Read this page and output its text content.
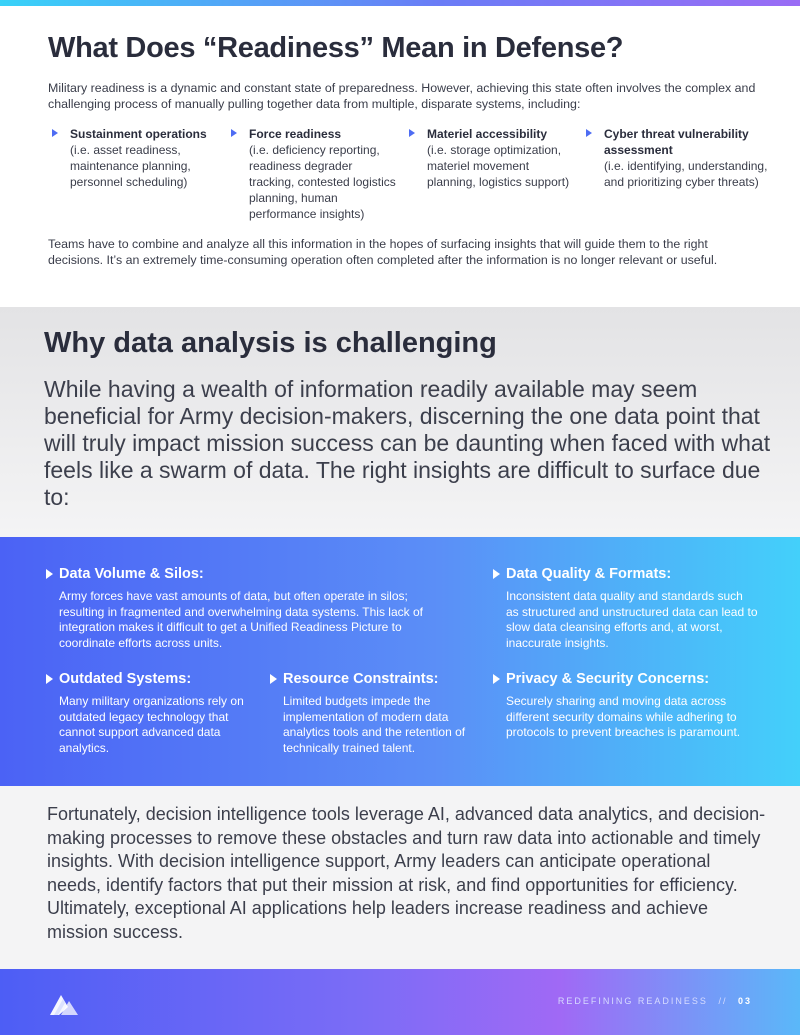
What Does “Readiness” Mean in Defense?

Military readiness is a dynamic and constant state of preparedness. However, achieving this state often involves the complex and challenging process of manually pulling together data from multiple, disparate systems, including:

Sustainment operations
(i.e. asset readiness, maintenance planning, personnel scheduling)
Force readiness
(i.e. deficiency reporting, readiness degrader tracking, contested logistics planning, human performance insights)
Materiel accessibility
(i.e. storage optimization, materiel movement planning, logistics support)
Cyber threat vulnerability assessment
(i.e. identifying, understanding, and prioritizing cyber threats)

Teams have to combine and analyze all this information in the hopes of surfacing insights that will guide them to the right decisions. It’s an extremely time-consuming operation often completed after the information is no longer relevant or useful.

Why data analysis is challenging

While having a wealth of information readily available may seem beneficial for Army decision-makers, discerning the one data point that will truly impact mission success can be daunting when faced with what feels like a swarm of data. The right insights are difficult to surface due to:

Data Volume & Silos:
Army forces have vast amounts of data, but often operate in silos; resulting in fragmented and overwhelming data systems. This lack of integration makes it difficult to get a Unified Readiness Picture to coordinate efforts across units.
Data Quality & Formats:
Inconsistent data quality and standards such as structured and unstructured data can lead to slow data cleansing efforts and, at worst, inaccurate insights.
Outdated Systems:
Many military organizations rely on outdated legacy technology that cannot support advanced data analytics.
Resource Constraints:
Limited budgets impede the implementation of modern data analytics tools and the retention of technically trained talent.
Privacy & Security Concerns:
Securely sharing and moving data across different security domains while adhering to protocols to prevent breaches is paramount.

Fortunately, decision intelligence tools leverage AI, advanced data analytics, and decision-making processes to remove these obstacles and turn raw data into actionable and timely insights. With decision intelligence support, Army leaders can anticipate operational needs, identify factors that put their mission at risk, and find opportunities for efficiency. Ultimately, exceptional AI applications help leaders increase readiness and achieve mission success.

REDEFINING READINESS // 03
